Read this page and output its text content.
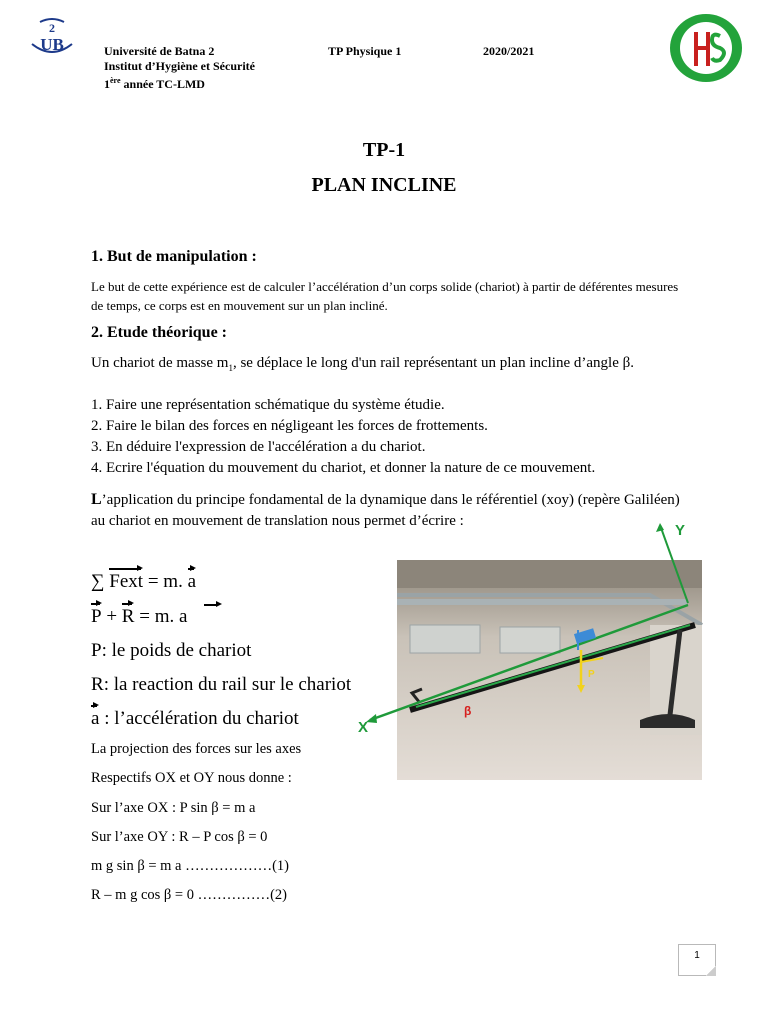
2
UB	Université de Batna 2	TP Physique 1	2020/2021
Institut d’Hygiène et Sécurité
1ère année TC-LMD
TP-1
PLAN INCLINE
1. But de manipulation :
Le but de cette expérience est de calculer l’accélération d’un corps solide (chariot) à partir de déférentes mesures de temps, ce corps est en mouvement sur un plan incliné.
2. Etude théorique :
Un chariot de masse $m_1$, se déplace le long d'un rail représentant un plan incline d’angle β.
1. Faire une représentation schématique du système étudie.
2. Faire le bilan des forces en négligeant les forces de frottements.
3. En déduire l'expression de l'accélération a du chariot.
4. Ecrire l'équation du mouvement du chariot, et donner la nature de ce mouvement.
L’application du principe fondamental de la dynamique dans le référentiel (xoy) (repère Galiléen) au chariot en mouvement de translation nous permet d’écrire :
∑ Fext = m. a
P + R = m. a
P: le poids de chariot
R: la reaction du rail sur le chariot
a : l’accélération du chariot
La projection des forces sur les axes
Respectifs OX et OY nous donne :
Sur l’axe OX : P sin β = m a
Sur l’axe OY : R – P cos β = 0
m g sin β = m a ………………(1)
R – m g cos β = 0 ……………(2)
Y
X
P
β
1
